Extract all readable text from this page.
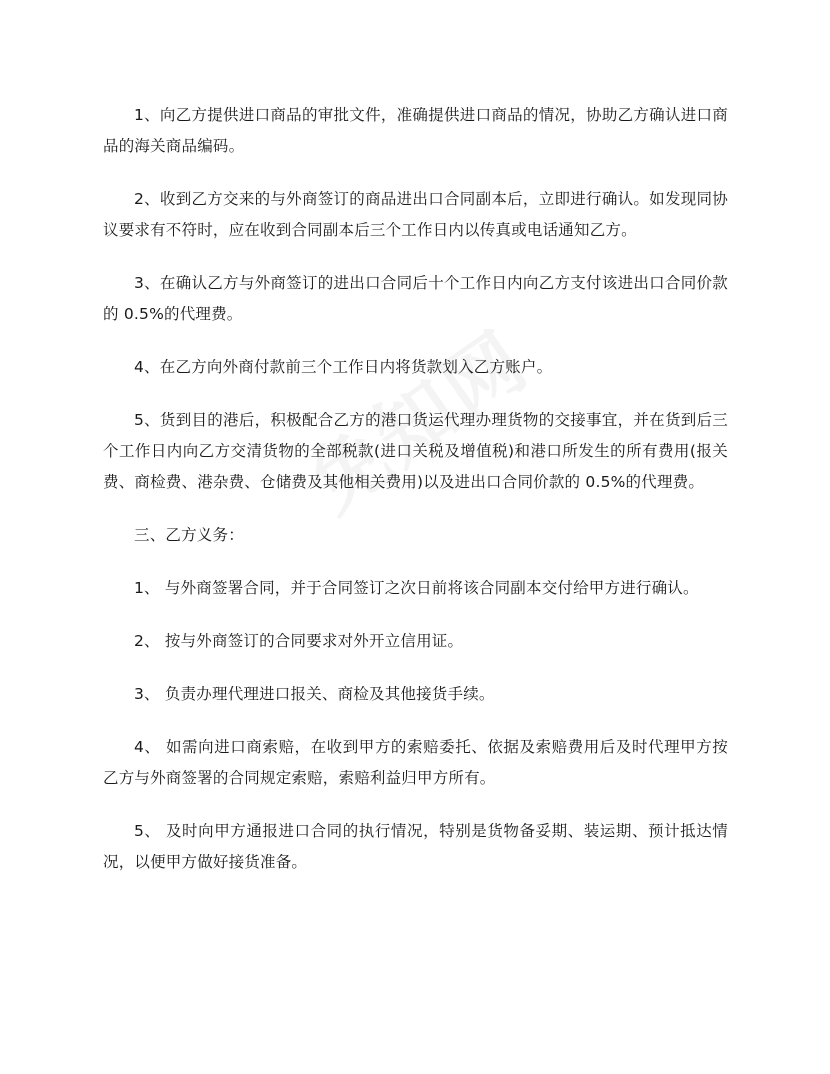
1、向乙方提供进口商品的审批文件，准确提供进口商品的情况，协助乙方确认进口商品的海关商品编码。

2、收到乙方交来的与外商签订的商品进出口合同副本后，立即进行确认。如发现同协议要求有不符时，应在收到合同副本后三个工作日内以传真或电话通知乙方。

3、在确认乙方与外商签订的进出口合同后十个工作日内向乙方支付该进出口合同价款的 0.5%的代理费。

4、在乙方向外商付款前三个工作日内将货款划入乙方账户。

5、货到目的港后，积极配合乙方的港口货运代理办理货物的交接事宜，并在货到后三个工作日内向乙方交清货物的全部税款(进口关税及增值税)和港口所发生的所有费用(报关费、商检费、港杂费、仓储费及其他相关费用)以及进出口合同价款的 0.5%的代理费。

三、乙方义务：

1、 与外商签署合同，并于合同签订之次日前将该合同副本交付给甲方进行确认。

2、 按与外商签订的合同要求对外开立信用证。

3、 负责办理代理进口报关、商检及其他接货手续。

4、 如需向进口商索赔，在收到甲方的索赔委托、依据及索赔费用后及时代理甲方按乙方与外商签署的合同规定索赔，索赔利益归甲方所有。

5、 及时向甲方通报进口合同的执行情况，特别是货物备妥期、装运期、预计抵达情况，以便甲方做好接货准备。
